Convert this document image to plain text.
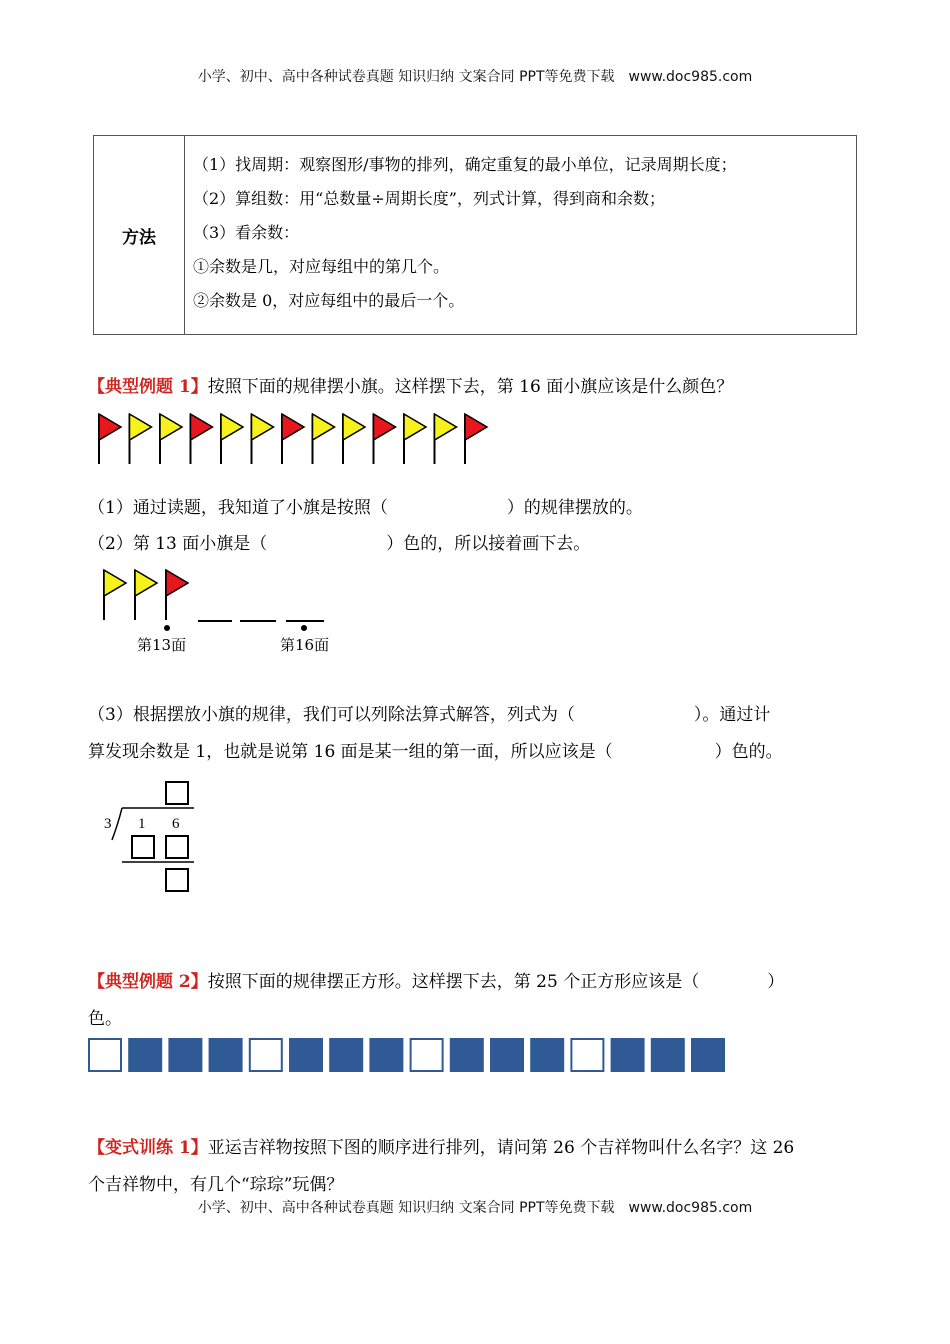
小学、初中、高中各种试卷真题 知识归纳 文案合同 PPT等免费下载 www.doc985.com
方法
（1）找周期：观察图形/事物的排列，确定重复的最小单位，记录周期长度；
（2）算组数：用“总数量÷周期长度”，列式计算，得到商和余数；
（3）看余数：
①余数是几，对应每组中的第几个。
②余数是 0，对应每组中的最后一个。
【典型例题 1】按照下面的规律摆小旗。这样摆下去，第 16 面小旗应该是什么颜色？
（1）通过读题，我知道了小旗是按照（　　　　　　　）的规律摆放的。
（2）第 13 面小旗是（　　　　　　　）色的，所以接着画下去。
第13面	第16面
（3）根据摆放小旗的规律，我们可以列除法算式解答，列式为（　　　　　　　）。通过计
算发现余数是 1，也就是说第 16 面是某一组的第一面，所以应该是（　　　　　　）色的。
3 1 6
【典型例题 2】按照下面的规律摆正方形。这样摆下去，第 25 个正方形应该是（　　　　）
色。
【变式训练 1】亚运吉祥物按照下图的顺序进行排列，请问第 26 个吉祥物叫什么名字？这 26
个吉祥物中，有几个“琮琮”玩偶？
小学、初中、高中各种试卷真题 知识归纳 文案合同 PPT等免费下载 www.doc985.com
